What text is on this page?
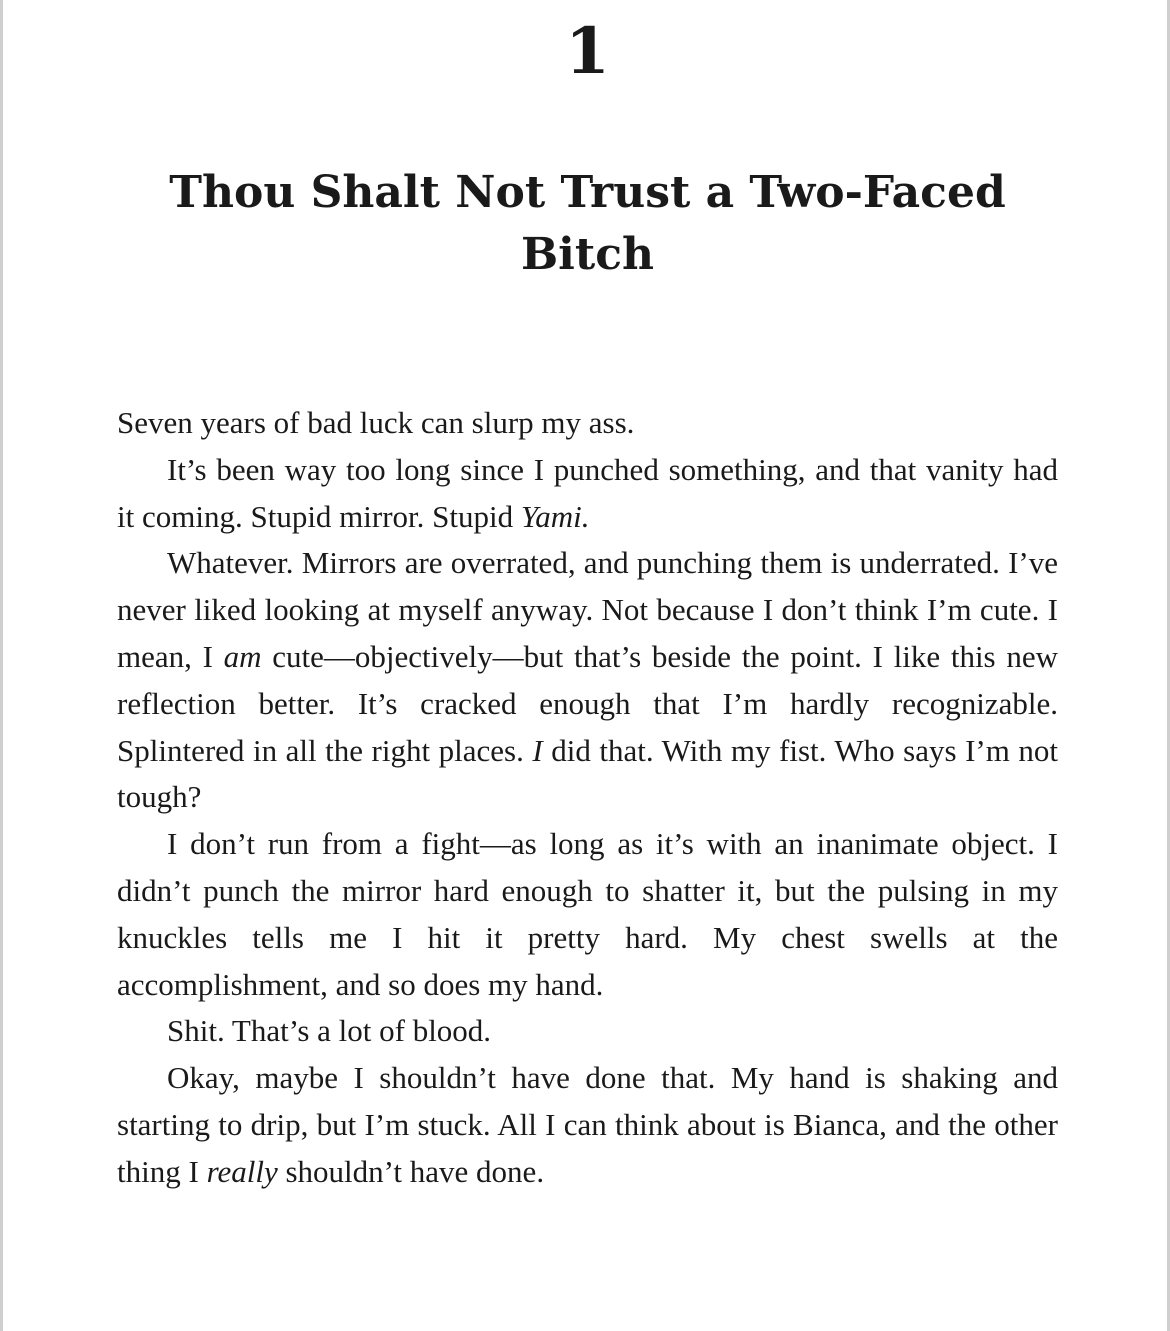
1
Thou Shalt Not Trust a Two-Faced Bitch

Seven years of bad luck can slurp my ass.

It’s been way too long since I punched something, and that vanity had it coming. Stupid mirror. Stupid Yami.

Whatever. Mirrors are overrated, and punching them is underrated. I’ve never liked looking at myself anyway. Not because I don’t think I’m cute. I mean, I am cute—objectively—but that’s beside the point. I like this new reflection better. It’s cracked enough that I’m hardly recognizable. Splintered in all the right places. I did that. With my fist. Who says I’m not tough?

I don’t run from a fight—as long as it’s with an inanimate object. I didn’t punch the mirror hard enough to shatter it, but the pulsing in my knuckles tells me I hit it pretty hard. My chest swells at the accomplishment, and so does my hand.

Shit. That’s a lot of blood.

Okay, maybe I shouldn’t have done that. My hand is shaking and starting to drip, but I’m stuck. All I can think about is Bianca, and the other thing I really shouldn’t have done.
